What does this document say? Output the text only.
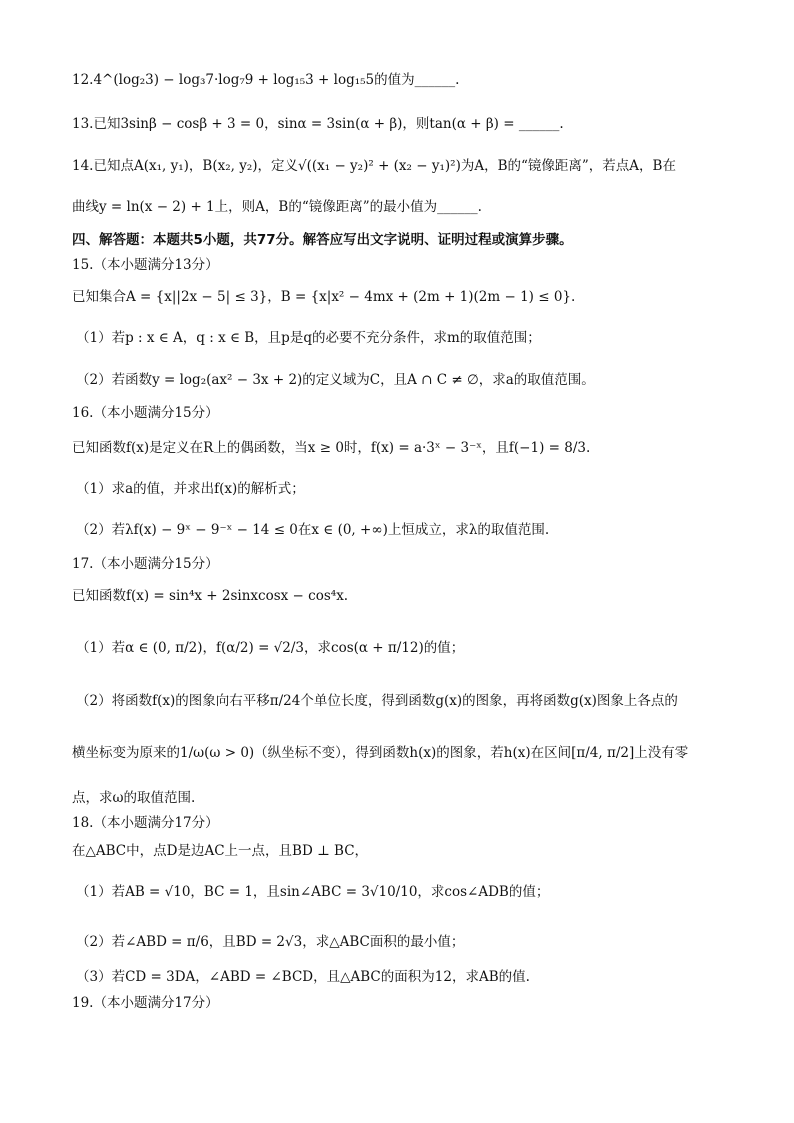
12.4^(log₂3) − log₃7·log₇9 + log₁₅3 + log₁₅5的值为______.
13.已知3sinβ − cosβ + 3 = 0，sinα = 3sin(α + β)，则tan(α + β) = ______.
14.已知点A(x₁, y₁)，B(x₂, y₂)，定义√((x₁ − y₂)² + (x₂ − y₁)²)为A，B的“镜像距离”，若点A，B在
曲线y = ln(x − 2) + 1上，则A，B的“镜像距离”的最小值为______.
四、解答题：本题共5小题，共77分。解答应写出文字说明、证明过程或演算步骤。
15.（本小题满分13分）
已知集合A = {x||2x − 5| ≤ 3}，B = {x|x² − 4mx + (2m + 1)(2m − 1) ≤ 0}.
（1）若p : x ∈ A，q : x ∈ B，且p是q的必要不充分条件，求m的取值范围；
（2）若函数y = log₂(ax² − 3x + 2)的定义域为C，且A ∩ C ≠ ∅，求a的取值范围。
16.（本小题满分15分）
已知函数f(x)是定义在R上的偶函数，当x ≥ 0时，f(x) = a·3ˣ − 3⁻ˣ，且f(−1) = 8/3.
（1）求a的值，并求出f(x)的解析式；
（2）若λf(x) − 9ˣ − 9⁻ˣ − 14 ≤ 0在x ∈ (0, +∞)上恒成立，求λ的取值范围.
17.（本小题满分15分）
已知函数f(x) = sin⁴x + 2sinxcosx − cos⁴x.
（1）若α ∈ (0, π/2)，f(α/2) = √2/3，求cos(α + π/12)的值；
（2）将函数f(x)的图象向右平移π/24个单位长度，得到函数g(x)的图象，再将函数g(x)图象上各点的
横坐标变为原来的1/ω(ω > 0)（纵坐标不变），得到函数h(x)的图象，若h(x)在区间[π/4, π/2]上没有零
点，求ω的取值范围.
18.（本小题满分17分）
在△ABC中，点D是边AC上一点，且BD ⊥ BC，
（1）若AB = √10，BC = 1，且sin∠ABC = 3√10/10，求cos∠ADB的值；
（2）若∠ABD = π/6，且BD = 2√3，求△ABC面积的最小值；
（3）若CD = 3DA，∠ABD = ∠BCD，且△ABC的面积为12，求AB的值.
19.（本小题满分17分）
